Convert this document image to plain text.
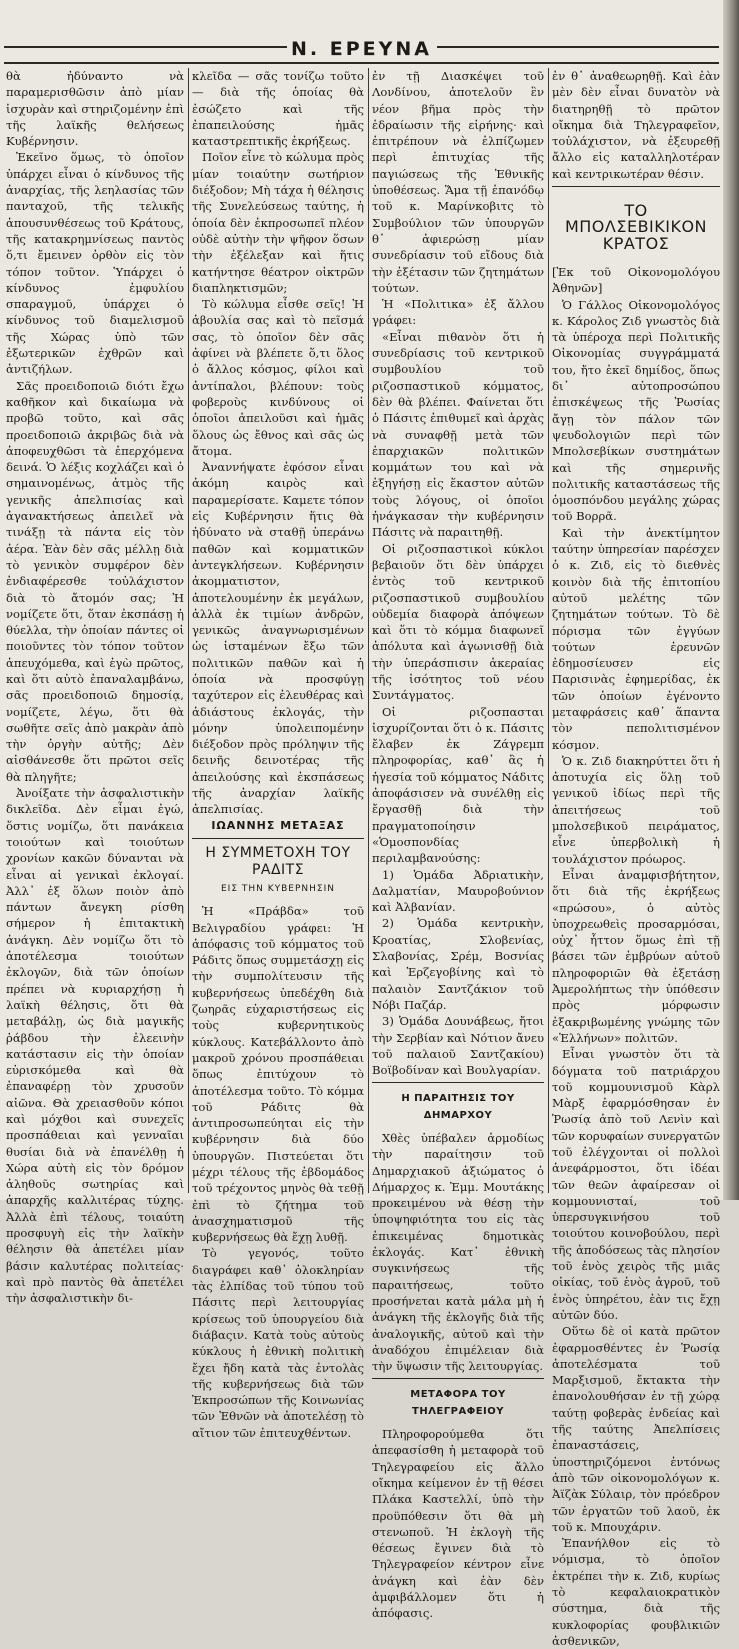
Ν. ΕΡΕΥΝΑ

θὰ ἠδύναντο νὰ παραμερισθῶσιν ἀπὸ μίαν ἰσχυρὰν καὶ στηριζομένην ἐπὶ τῆς λαϊκῆς θελήσεως Κυβέρνησιν.

Ἐκεῖνο ὅμως, τὸ ὁποῖον ὑπάρχει εἶναι ὁ κίνδυνος τῆς ἀναρχίας, τῆς λεηλασίας τῶν πανταχοῦ, τῆς τελικῆς ἀπουσυνθέσεως τοῦ Κράτους, τῆς κατακρημνίσεως παντὸς ὅ,τι ἔμεινεν ὀρθὸν εἰς τὸν τόπον τοῦτον. Ὑπάρχει ὁ κίνδυνος ἐμφυλίου σπαραγμοῦ, ὑπάρχει ὁ κίνδυνος τοῦ διαμελισμοῦ τῆς Χώρας ὑπὸ τῶν ἐξωτερικῶν ἐχθρῶν καὶ ἀντιζήλων.

Σᾶς προειδοποιῶ διότι ἔχω καθῆκον καὶ δικαίωμα νὰ προβῶ τοῦτο, καὶ σᾶς προειδοποιῶ ἀκριβῶς διὰ νὰ ἀποφευχθῶσι τὰ ἐπερχόμενα δεινά. Ὁ λέξις κοχλάζει καὶ ὁ σημαινομένως, ἀτμὸς τῆς γενικῆς ἀπελπισίας καὶ ἀγανακτήσεως ἀπειλεῖ νὰ τινάξῃ τὰ πάντα εἰς τὸν ἀέρα. Ἐὰν δὲν σᾶς μέλλῃ διὰ τὸ γενικὸν συμφέρον δὲν ἐνδιαφέρεσθε τοὐλάχιστον διὰ τὸ ἄτομόν σας; Ἡ νομίζετε ὅτι, ὅταν ἐκσπάσῃ ἡ θύελλα, τὴν ὁποίαν πάντες οἱ ποιοῦντες τὸν τόπον τοῦτον ἀπευχόμεθα, καὶ ἐγὼ πρῶτος, καὶ ὅτι αὐτὸ ἐπαναλαμβάνω, σᾶς προειδοποιῶ δημοσίᾳ, νομίζετε, λέγω, ὅτι θὰ σωθῆτε σεῖς ἀπὸ μακρὰν ἀπὸ τὴν ὀργὴν αὐτῆς; Δὲν αἰσθάνεσθε ὅτι πρῶτοι σεῖς θὰ πληγῆτε;

Ἀνοίξατε τὴν ἀσφαλιστικὴν δικλεῖδα. Δὲν εἶμαι ἐγώ, ὅστις νομίζω, ὅτι πανάκεια τοιούτων καὶ τοιούτων χρονίων κακῶν δύνανται νὰ εἶναι αἱ γενικαὶ ἐκλογαί. Ἀλλ᾽ ἐξ ὅλων ποιὸν ἀπὸ πάντων ἄνεγκη ρίσθη σήμερον ἡ ἐπιτακτικὴ ἀνάγκη. Δὲν νομίζω ὅτι τὸ ἀποτέλεσμα τοιούτων ἐκλογῶν, διὰ τῶν ὁποίων πρέπει νὰ κυριαρχήσῃ ἡ λαϊκὴ θέλησις, ὅτι θὰ μεταβάλῃ, ὡς διὰ μαγικῆς ῥάβδου τὴν ἐλεεινὴν κατάστασιν εἰς τὴν ὁποίαν εὑρισκόμεθα καὶ θὰ ἐπαναφέρῃ τὸν χρυσοῦν αἰῶνα. Θὰ χρειασθοῦν κόποι καὶ μόχθοι καὶ συνεχεῖς προσπάθειαι καὶ γενναῖαι θυσίαι διὰ νὰ ἐπανέλθῃ ἡ Χώρα αὐτὴ εἰς τὸν δρόμον ἀληθοῦς σωτηρίας καὶ ἀπαρχῆς καλλιτέρας τύχης. Ἀλλὰ ἐπὶ τέλους, τοιαύτη προσφυγὴ εἰς τὴν λαϊκὴν θέλησιν θὰ ἀπετέλει μίαν βάσιν καλυτέρας πολιτείας· καὶ πρὸ παντὸς θὰ ἀπετέλει τὴν ἀσφαλιστικὴν δι-

κλεῖδα — σᾶς τονίζω τοῦτο — διὰ τῆς ὁποίας θὰ ἐσώζετο καὶ τῆς ἐπαπειλούσης ἡμᾶς καταστρεπτικῆς ἐκρήξεως.

Ποῖον εἶνε τὸ κώλυμα πρὸς μίαν τοιαύτην σωτήριον διέξοδον; Μὴ τάχα ἡ θέλησις τῆς Συνελεύσεως ταύτης, ἡ ὁποία δὲν ἐκπροσωπεῖ πλέον οὐδὲ αὐτὴν τὴν ψῆφον ὅσων τὴν ἐξέλεξαν καὶ ἥτις κατήντησε θέατρον οἰκτρῶν διαπληκτισμῶν;

Τὸ κώλυμα εἶσθε σεῖς! Ἡ ἀβουλία σας καὶ τὸ πεῖσμά σας, τὸ ὁποῖον δὲν σᾶς ἀφίνει νὰ βλέπετε ὅ,τι ὅλος ὁ ἄλλος κόσμος, φίλοι καὶ ἀντίπαλοι, βλέπουν: τοὺς φοβεροὺς κινδύνους οἱ ὁποῖοι ἀπειλοῦσι καὶ ἡμᾶς ὅλους ὡς ἔθνος καὶ σᾶς ὡς ἄτομα.

Ἀναννήψατε ἐφόσον εἶναι ἀκόμη καιρὸς καὶ παραμερίσατε. Καμετε τόπον εἰς Κυβέρνησιν ἥτις θὰ ἠδύνατο νὰ σταθῇ ὑπεράνω παθῶν καὶ κομματικῶν ἀντεγκλήσεων. Κυβέρνησιν ἀκομματιστον, ἀποτελουμένην ἐκ μεγάλων, ἀλλὰ ἐκ τιμίων ἀνδρῶν, γενικῶς ἀναγνωρισμένων ὡς ἱσταμένων ἔξω τῶν πολιτικῶν παθῶν καὶ ἡ ὁποία νὰ προσφύγῃ ταχύτερον εἰς ἐλευθέρας καὶ ἀδιάστους ἐκλογάς, τὴν μόνην ὑπολειπομένην διέξοδον πρὸς πρόληψιν τῆς δεινῆς δεινοτέρας τῆς ἀπειλούσης καὶ ἐκσπάσεως τῆς ἀναρχίαν λαϊκῆς ἀπελπισίας.

ΙΩΑΝΝΗΣ ΜΕΤΑΞΑΣ

Η ΣΥΜΜΕΤΟΧΗ ΤΟΥ ΡΑΔΙΤΣ
ΕΙΣ ΤΗΝ ΚΥΒΕΡΝΗΣΙΝ

Ἡ «Πράβδα» τοῦ Βελιγραδίου γράφει: Ἡ ἀπόφασις τοῦ κόμματος τοῦ Ράδιτς ὅπως συμμετάσχῃ εἰς τὴν συμπολίτευσιν τῆς κυβερνήσεως ὑπεδέχθη διὰ ζωηρᾶς εὐχαριστήσεως εἰς τοὺς κυβερνητικοὺς κύκλους. Κατεβάλλοντο ἀπὸ μακροῦ χρόνου προσπάθειαι ὅπως ἐπιτύχουν τὸ ἀποτέλεσμα τοῦτο. Τὸ κόμμα τοῦ Ράδιτς θὰ ἀντιπροσωπεύηται εἰς τὴν κυβέρνησιν διὰ δύο ὑπουργῶν. Πιστεύεται ὅτι μέχρι τέλους τῆς ἑβδομάδος τοῦ τρέχοντος μηνὸς θὰ τεθῇ ἐπὶ τὸ ζήτημα τοῦ ἀνασχηματισμοῦ τῆς κυβερνήσεως θὰ ἔχῃ λυθῇ.

Τὸ γεγονός, τοῦτο διαγράφει καθ᾽ ὁλοκληρίαν τὰς ἐλπίδας τοῦ τύπου τοῦ Πάσιτς περὶ λειτουργίας κρίσεως τοῦ ὑπουργείου διὰ διάβαςιν. Κατὰ τοὺς αὐτοὺς κύκλους ἡ ἐθνικὴ πολιτικὴ ἔχει ἤδη κατὰ τὰς ἐντολὰς τῆς κυβερνήσεως διὰ τῶν Ἐκπροσώπων τῆς Κοινωνίας τῶν Ἐθνῶν νὰ ἀποτελέσῃ τὸ αἴτιον τῶν ἐπιτευχθέντων.

ἐν τῇ Διασκέψει τοῦ Λονδίνου, ἀποτελοῦν ἓν νέον βῆμα πρὸς τὴν ἑδραίωσιν τῆς εἰρήνης· καὶ ἐπιτρέπουν νὰ ἐλπίζωμεν περὶ ἐπιτυχίας τῆς παγιώσεως τῆς Ἐθνικῆς ὑποθέσεως. Ἅμα τῇ ἐπανόδῳ τοῦ κ. Μαρίνκοβιτς τὸ Συμβούλιον τῶν ὑπουργῶν θ᾽ ἀφιερώσῃ μίαν συνεδρίασιν τοῦ εἴδους διὰ τὴν ἐξέτασιν τῶν ζητημάτων τούτων.

Ἡ «Πολιτικα» ἐξ ἄλλου γράφει:

«Εἶναι πιθανὸν ὅτι ἡ συνεδρίασις τοῦ κεντρικοῦ συμβουλίου τοῦ ριζοσπαστικοῦ κόμματος, δὲν θὰ βλέπει. Φαίνεται ὅτι ὁ Πάσιτς ἐπιθυμεῖ καὶ ἀρχὰς νὰ συναφθῇ μετὰ τῶν ἐπαρχιακῶν πολιτικῶν κομμάτων του καὶ νὰ ἐξηγήσῃ εἰς ἕκαστον αὐτῶν τοὺς λόγους, οἱ ὁποῖοι ἠνάγκασαν τὴν κυβέρνησιν Πάσιτς νὰ παραιτηθῇ.

Οἱ ριζοσπαστικοὶ κύκλοι βεβαιοῦν ὅτι δὲν ὑπάρχει ἐντὸς τοῦ κεντρικοῦ ριζοσπαστικοῦ συμβουλίου οὐδεμία διαφορὰ ἀπόψεων καὶ ὅτι τὸ κόμμα διαφωνεῖ ἀπόλυτα καὶ ἀγωνισθῇ διὰ τὴν ὑπεράσπισιν ἀκεραίας τῆς ἰσότητος τοῦ νέου Συντάγματος.

Οἱ ριζοσπασται ἰσχυρίζονται ὅτι ὁ κ. Πάσιτς ἔλαβεν ἐκ Ζάγρεμπ πληροφορίας, καθ᾽ ἃς ἡ ἡγεσία τοῦ κόμματος Νάδιτς ἀποφάσισεν νὰ συνέλθῃ εἰς ἔργασθῇ διὰ τὴν πραγματοποίησιν «Ὁμοσπονδίας περιλαμβανούσης:

1) Ὁμάδα Ἀδριατικὴν, Δαλματίαν, Μαυροβούνιον καὶ Ἀλβανίαν.

2) Ὁμάδα κεντρικὴν, Κροατίας, Σλοβενίας, Σλαβονίας, Σρέμ, Βοσνίας καὶ Ἑρζεγοβίνης καὶ τὸ παλαιὸν Σαντζάκιον τοῦ Νόβι Παζάρ.

3) Ὁμάδα Δουνάβεως, ἤτοι τὴν Σερβίαν καὶ Νότιον ἄνευ τοῦ παλαιοῦ Σαντζακίου) Βοϊβοδίναν καὶ Βουλγαρίαν.

Η ΠΑΡΑΙΤΗΣΙΣ ΤΟΥ ΔΗΜΑΡΧΟΥ

Χθὲς ὑπέβαλεν ἁρμοδίως τὴν παραίτησιν τοῦ Δημαρχιακοῦ ἀξιώματος ὁ Δήμαρχος κ. Ἐμμ. Μουτάκης προκειμένου νὰ θέσῃ τὴν ὑποψηφιότητα του εἰς τὰς ἐπικειμένας δημοτικὰς ἐκλογάς. Κατ᾽ ἐθνικὴ συγκινήσεως τῆς παραιτήσεως, τοῦτο προσήνεται κατὰ μάλα μὴ ἡ ἀνάγκη τῆς ἐκλογῆς διὰ τῆς ἀναλογικῆς, αὐτοῦ καὶ τὴν ἀναδόχου ἐπιμέλειαν διὰ τὴν ὕψωσιν τῆς λειτουργίας.

ΜΕΤΑΦΟΡΑ ΤΟΥ ΤΗΛΕΓΡΑΦΕΙΟΥ

Πληροφορούμεθα ὅτι ἀπεφασίσθη ἡ μεταφορὰ τοῦ Τηλεγραφείου εἰς ἄλλο οἴκημα κείμενον ἐν τῇ θέσει Πλάκα Καστελλί, ὑπὸ τὴν προϋπόθεσιν ὅτι θὰ μὴ στενωποῦ. Ἡ ἐκλογὴ τῆς θέσεως ἔγινεν διὰ τὸ Τηλεγραφείον κέντρον εἶνε ἀνάγκη καὶ ἐὰν δὲν ἀμφιβάλλομεν ὅτι ἡ ἀπόφασις.

ἐν θ᾽ ἀναθεωρηθῇ. Καὶ ἐὰν μὲν δὲν εἶναι δυνατὸν νὰ διατηρηθῇ τὸ πρῶτον οἴκημα διὰ Τηλεγραφεῖον, τοὐλάχιστον, νὰ ἐξευρεθῇ ἄλλο εἰς καταλληλοτέραν καὶ κεντρικωτέραν θέσιν.

ΤΟ ΜΠΟΛΣΕΒΙΚΙΚΟΝ ΚΡΑΤΟΣ

[Ἐκ τοῦ Οἰκονομολόγου Ἀθηνῶν]

Ὁ Γάλλος Οἰκονομολόγος κ. Κάρολος Ζιδ γνωστὸς διὰ τὰ ὑπέροχα περὶ Πολιτικῆς Οἰκονομίας συγγράμματά του, ἤτο ἐκεῖ δημίδος, ὅπως δι᾽ αὐτοπροσώπου ἐπισκέψεως τῆς Ῥωσίας ἄγῃ τὸν πάλον τῶν ψευδολογιῶν περὶ τῶν Μπολσεβίκων συστημάτων καὶ τῆς σημερινῆς πολιτικῆς καταστάσεως τῆς ὁμοσπόνδου μεγάλης χώρας τοῦ Βορρᾶ.

Καὶ τὴν ἀνεκτίμητον ταύτην ὑπηρεσίαν παρέσχεν ὁ κ. Ζιδ, εἰς τὸ διεθνὲς κοινὸν διὰ τῆς ἐπιτοπίου αὐτοῦ μελέτης τῶν ζητημάτων τούτων. Τὸ δὲ πόρισμα τῶν ἐγγύων τούτων ἐρευνῶν ἐδημοσίευσεν εἰς Παρισινὰς ἐφημερίδας, ἐκ τῶν ὁποίων ἐγένοντο μεταφράσεις καθ᾽ ἅπαντα τὸν πεπολιτισμένον κόσμον.

Ὁ κ. Ζιδ διακηρύττει ὅτι ἡ ἀποτυχία εἰς ὅλῃ τοῦ γενικοῦ ἰδίως περὶ τῆς ἀπειτήσεως τοῦ μπολσεβικοῦ πειράματος, εἶνε ὑπερβολικὴ ἡ τουλάχιστον πρόωρος.

Εἶναι ἀναμφισβήτητον, ὅτι διὰ τῆς ἐκρήξεως «πρώσου», ὁ αὐτὸς ὑποχρεωθεὶς προσαρμόσαι, οὐχ᾽ ἧττον ὅμως ἐπὶ τῇ βάσει τῶν ἐμβρύων αὐτοῦ πληροφοριῶν θὰ ἐξετάσῃ Ἀμερολήπτως τὴν ὑπόθεσιν πρὸς μόρφωσιν ἐξακριβωμένης γνώμης τῶν «Ἑλλήνων» πολιτῶν.

Εἶναι γνωστὸν ὅτι τὰ δόγματα τοῦ πατριάρχου τοῦ κομμουνισμοῦ Κὰρλ Μὰρξ ἐφαρμόσθησαν ἐν Ῥωσίᾳ ἀπὸ τοῦ Λενὶν καὶ τῶν κορυφαίων συνεργατῶν τοῦ ἐλέγχονται οἱ πολλοὶ ἀνεφάρμοστοι, ὅτι ἰδέαι τῶν θεῶν ἀφαίρεσαν οἱ κομμουνισταί, τοῦ ὑπερσυγκινήσου τοῦ τοιούτου κοινοβούλου, περὶ τῆς ἀποδόσεως τὰς πλησίον τοῦ ἑνὸς χειρὸς τῆς μιᾶς οἰκίας, τοῦ ἑνὸς ἀγροῦ, τοῦ ἑνὸς ὑπηρέτου, ἐὰν τις ἔχῃ αὐτῶν δύο.

Οὕτω δὲ οἱ κατὰ πρῶτον ἐφαρμοσθέντες ἐν Ῥωσίᾳ ἀποτελέσματα τοῦ Μαρξισμοῦ, ἔκτακτα τὴν ἐπανολουθήσαν ἐν τῇ χώρᾳ ταύτῃ φοβερὰς ἐνδείας καὶ τῆς ταύτης Ἀπελπίσεις ἐπαναστάσεις, ὑποστηριζόμενοι ἐντόνως ἀπὸ τῶν οἰκονομολόγων κ. Ἀϊζὰκ Σύλαιρ, τὸν πρόεδρον τῶν ἐργατῶν τοῦ λαοῦ, ἐκ τοῦ κ. Μπουχάριν.

Ἐπανήλθον εἰς τὸ νόμισμα, τὸ ὁποῖον ἐκτρέπει τὴν κ. Ζιδ, κυρίως τὸ κεφαλαιοκρατικὸν σύστημα, διὰ τῆς κυκλοφορίας φουβλικιῶν ἀσθενικῶν,
